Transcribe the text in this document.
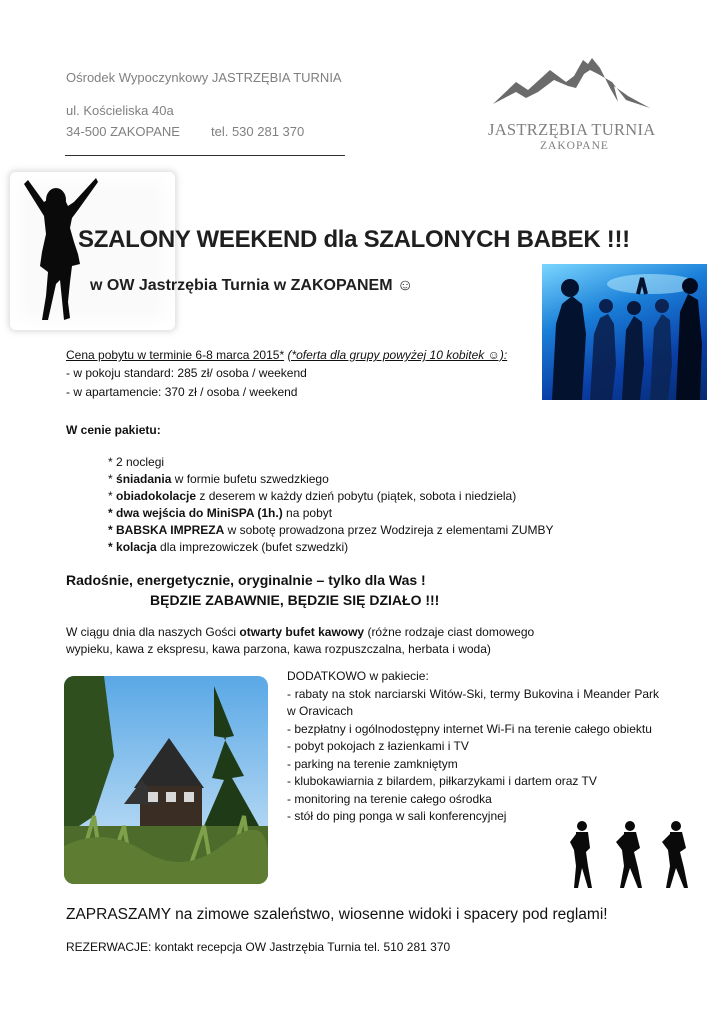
Ośrodek Wypoczynkowy JASTRZĘBIA TURNIA
ul. Kościeliska 40a
34-500 ZAKOPANE tel. 530 281 370	JASTRZĘBIA TURNIA
ZAKOPANE
SZALONY WEEKEND dla SZALONYCH BABEK !!!
w OW Jastrzębia Turnia w ZAKOPANEM ☺
Cena pobytu w terminie 6-8 marca 2015* (*oferta dla grupy powyżej 10 kobitek ☺):
- w pokoju standard: 285 zł/ osoba / weekend
- w apartamencie: 370 zł / osoba / weekend
W cenie pakietu:
* 2 noclegi
* śniadania w formie bufetu szwedzkiego
* obiadokolacje z deserem w każdy dzień pobytu (piątek, sobota i niedziela)
* dwa wejścia do MiniSPA (1h.) na pobyt
* BABSKA IMPREZA w sobotę prowadzona przez Wodzireja z elementami ZUMBY
* kolacja dla imprezowiczek (bufet szwedzki)
Radośnie, energetycznie, oryginalnie – tylko dla Was !
BĘDZIE ZABAWNIE, BĘDZIE SIĘ DZIAŁO !!!
W ciągu dnia dla naszych Gości otwarty bufet kawowy (różne rodzaje ciast domowego
wypieku, kawa z ekspresu, kawa parzona, kawa rozpuszczalna, herbata i woda)
DODATKOWO w pakiecie:
- rabaty na stok narciarski Witów-Ski, termy Bukovina i Meander Park w Oravicach
- bezpłatny i ogólnodostępny internet Wi-Fi na terenie całego obiektu
- pobyt pokojach z łazienkami i TV
- parking na terenie zamkniętym
- klubokawiarnia z bilardem, piłkarzykami i dartem oraz TV
- monitoring na terenie całego ośrodka
- stół do ping ponga w sali konferencyjnej
ZAPRASZAMY na zimowe szaleństwo, wiosenne widoki i spacery pod reglami!
REZERWACJE: kontakt recepcja OW Jastrzębia Turnia tel. 510 281 370
